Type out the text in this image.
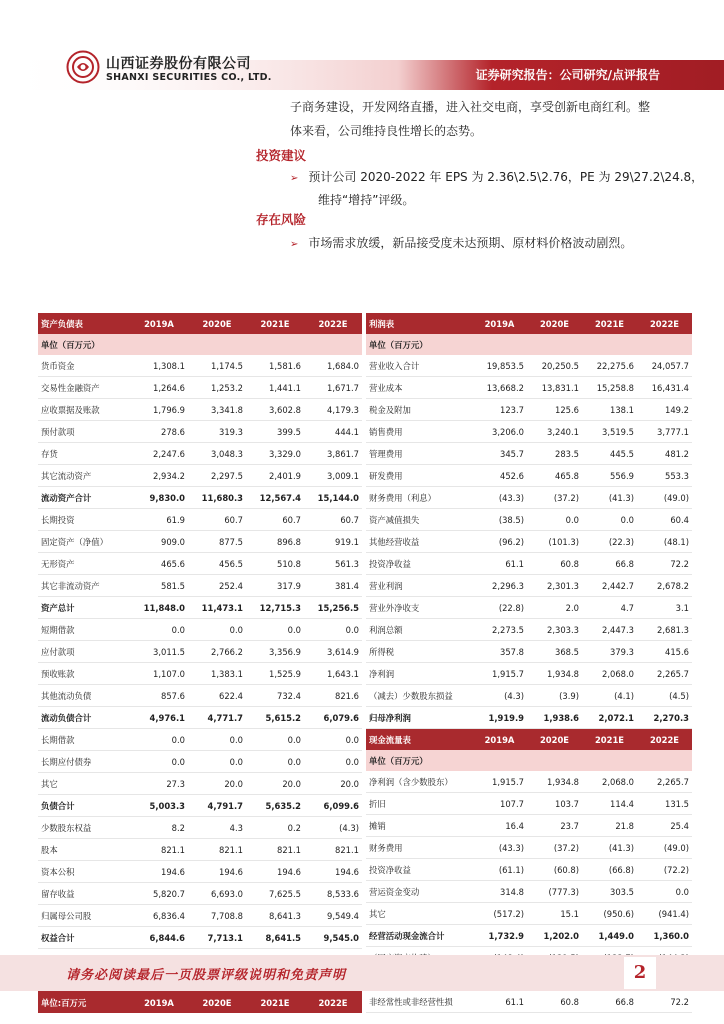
山西证券股份有限公司
SHANXI SECURITIES CO., LTD.	证券研究报告：公司研究/点评报告
子商务建设，开发网络直播，进入社交电商，享受创新电商红利。整
体来看，公司维持良性增长的态势。
投资建议
➢ 预计公司 2020-2022 年 EPS 为 2.36\2.5\2.76，PE 为 29\27.2\24.8，
维持“增持”评级。
存在风险
➢ 市场需求放缓，新品接受度未达预期、原材料价格波动剧烈。
资产负债表	2019A	2020E	2021E	2022E
单位（百万元）				
货币资金	1,308.1	1,174.5	1,581.6	1,684.0
交易性金融资产	1,264.6	1,253.2	1,441.1	1,671.7
应收票据及账款	1,796.9	3,341.8	3,602.8	4,179.3
预付款项	278.6	319.3	399.5	444.1
存货	2,247.6	3,048.3	3,329.0	3,861.7
其它流动资产	2,934.2	2,297.5	2,401.9	3,009.1
流动资产合计	9,830.0	11,680.3	12,567.4	15,144.0
长期投资	61.9	60.7	60.7	60.7
固定资产（净值）	909.0	877.5	896.8	919.1
无形资产	465.6	456.5	510.8	561.3
其它非流动资产	581.5	252.4	317.9	381.4
资产总计	11,848.0	11,473.1	12,715.3	15,256.5
短期借款	0.0	0.0	0.0	0.0
应付款项	3,011.5	2,766.2	3,356.9	3,614.9
预收账款	1,107.0	1,383.1	1,525.9	1,643.1
其他流动负债	857.6	622.4	732.4	821.6
流动负债合计	4,976.1	4,771.7	5,615.2	6,079.6
长期借款	0.0	0.0	0.0	0.0
长期应付债券	0.0	0.0	0.0	0.0
其它	27.3	20.0	20.0	20.0
负债合计	5,003.3	4,791.7	5,635.2	6,099.6
少数股东权益	8.2	4.3	0.2	(4.3)
股本	821.1	821.1	821.1	821.1
资本公积	194.6	194.6	194.6	194.6
留存收益	5,820.7	6,693.0	7,625.5	8,533.6
归属母公司股	6,836.4	7,708.8	8,641.3	9,549.4
权益合计	6,844.6	7,713.1	8,641.5	9,545.0

单位:百万元	2019A	2020E	2021E	2022E
利润表	2019A	2020E	2021E	2022E
单位（百万元）				
营业收入合计	19,853.5	20,250.5	22,275.6	24,057.7
营业成本	13,668.2	13,831.1	15,258.8	16,431.4
税金及附加	123.7	125.6	138.1	149.2
销售费用	3,206.0	3,240.1	3,519.5	3,777.1
管理费用	345.7	283.5	445.5	481.2
研发费用	452.6	465.8	556.9	553.3
财务费用（利息）	(43.3)	(37.2)	(41.3)	(49.0)
资产减值损失	(38.5)	0.0	0.0	60.4
其他经营收益	(96.2)	(101.3)	(22.3)	(48.1)
投资净收益	61.1	60.8	66.8	72.2
营业利润	2,296.3	2,301.3	2,442.7	2,678.2
营业外净收支	(22.8)	2.0	4.7	3.1
利润总额	2,273.5	2,303.3	2,447.3	2,681.3
所得税	357.8	368.5	379.3	415.6
净利润	1,915.7	1,934.8	2,068.0	2,265.7
（减去）少数股东损益	(4.3)	(3.9)	(4.1)	(4.5)
归母净利润	1,919.9	1,938.6	2,072.1	2,270.3
现金流量表	2019A	2020E	2021E	2022E
单位（百万元）				
净利润（含少数股东）	1,915.7	1,934.8	2,068.0	2,265.7
折旧	107.7	103.7	114.4	131.5
摊销	16.4	23.7	21.8	25.4
财务费用	(43.3)	(37.2)	(41.3)	(49.0)
投资净收益	(61.1)	(60.8)	(66.8)	(72.2)
营运资金变动	314.8	(777.3)	303.5	0.0
其它	(517.2)	15.1	(950.6)	(941.4)
经营活动现金流合计	1,732.9	1,202.0	1,449.0	1,360.0

非经常性或非经营性损	61.1	60.8	66.8	72.2
请务必阅读最后一页股票评级说明和免责声明	2
